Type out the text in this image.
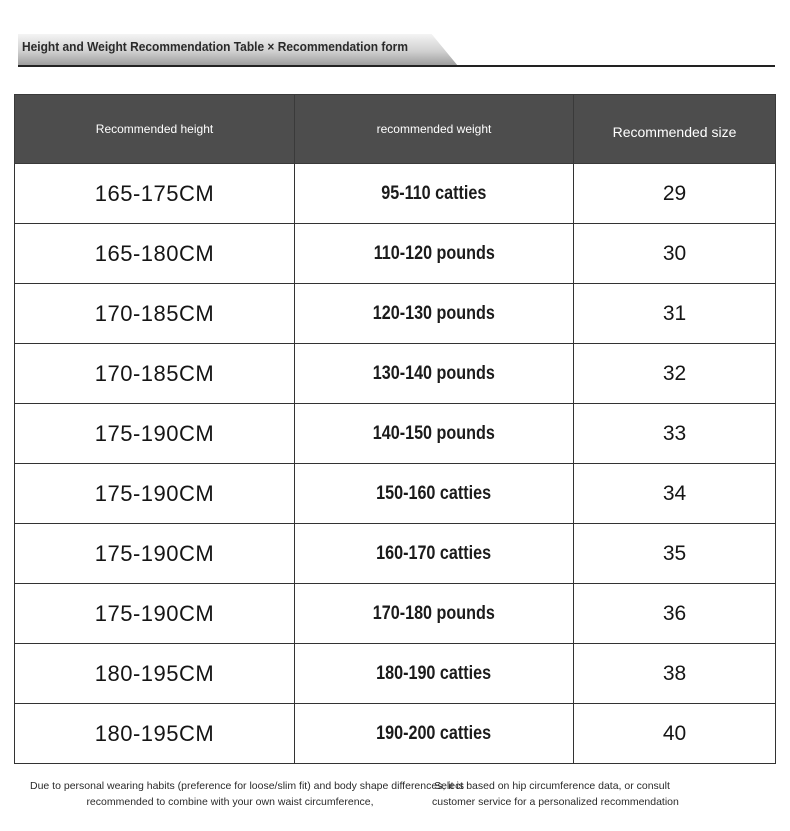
Height and Weight Recommendation Table × Recommendation form
Recommended height	recommended weight	Recommended size
165-175CM	95-110 catties	29
165-180CM	110-120 pounds	30
170-185CM	120-130 pounds	31
170-185CM	130-140 pounds	32
175-190CM	140-150 pounds	33
175-190CM	150-160 catties	34
175-190CM	160-170 catties	35
175-190CM	170-180 pounds	36
180-195CM	180-190 catties	38
180-195CM	190-200 catties	40
Due to personal wearing habits (preference for loose/slim fit) and body shape differences, it is
recommended to combine with your own waist circumference,
Select based on hip circumference data, or consult
customer service for a personalized recommendation
